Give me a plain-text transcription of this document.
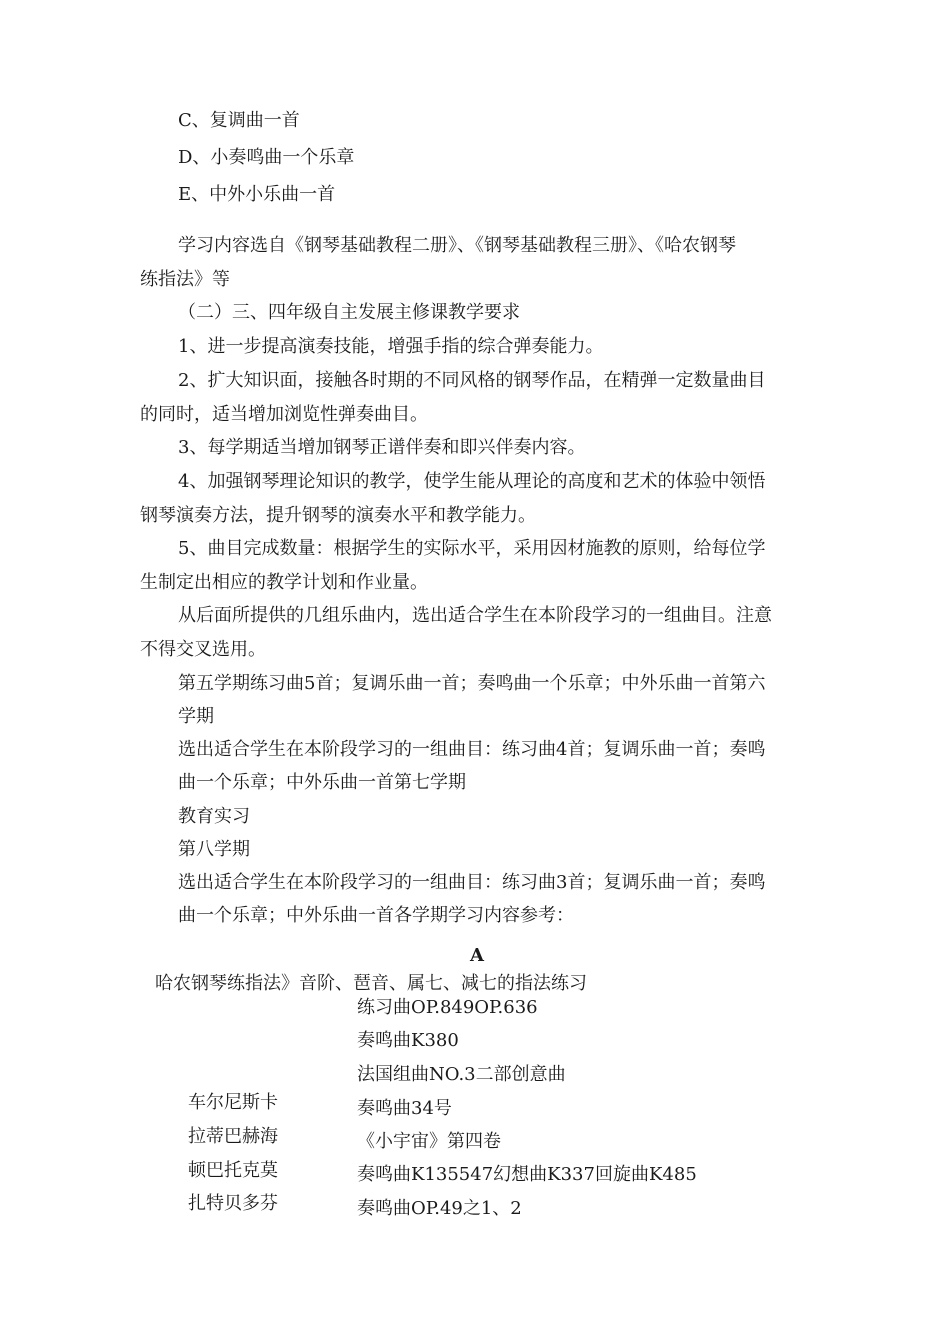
C、复调曲一首
D、小奏鸣曲一个乐章
E、中外小乐曲一首
学习内容选自《钢琴基础教程二册》、《钢琴基础教程三册》、《哈农钢琴
练指法》等
（二）三、四年级自主发展主修课教学要求
1、进一步提高演奏技能，增强手指的综合弹奏能力。
2、扩大知识面，接触各时期的不同风格的钢琴作品，在精弹一定数量曲目
的同时，适当增加浏览性弹奏曲目。
3、每学期适当增加钢琴正谱伴奏和即兴伴奏内容。
4、加强钢琴理论知识的教学，使学生能从理论的高度和艺术的体验中领悟
钢琴演奏方法，提升钢琴的演奏水平和教学能力。
5、曲目完成数量：根据学生的实际水平，采用因材施教的原则，给每位学
生制定出相应的教学计划和作业量。
从后面所提供的几组乐曲内，选出适合学生在本阶段学习的一组曲目。注意
不得交叉选用。
第五学期练习曲5首；复调乐曲一首；奏鸣曲一个乐章；中外乐曲一首第六
学期
选出适合学生在本阶段学习的一组曲目：练习曲4首；复调乐曲一首；奏鸣
曲一个乐章；中外乐曲一首第七学期
教育实习
第八学期
选出适合学生在本阶段学习的一组曲目：练习曲3首；复调乐曲一首；奏鸣
曲一个乐章；中外乐曲一首各学期学习内容参考：
A
哈农钢琴练指法》音阶、琶音、属七、减七的指法练习
练习曲OP.849OP.636
奏鸣曲K380
法国组曲NO.3二部创意曲
奏鸣曲34号
《小宇宙》第四卷
奏鸣曲K135547幻想曲K337回旋曲K485
奏鸣曲OP.49之1、2
车尔尼斯卡
拉蒂巴赫海
顿巴托克莫
扎特贝多芬
